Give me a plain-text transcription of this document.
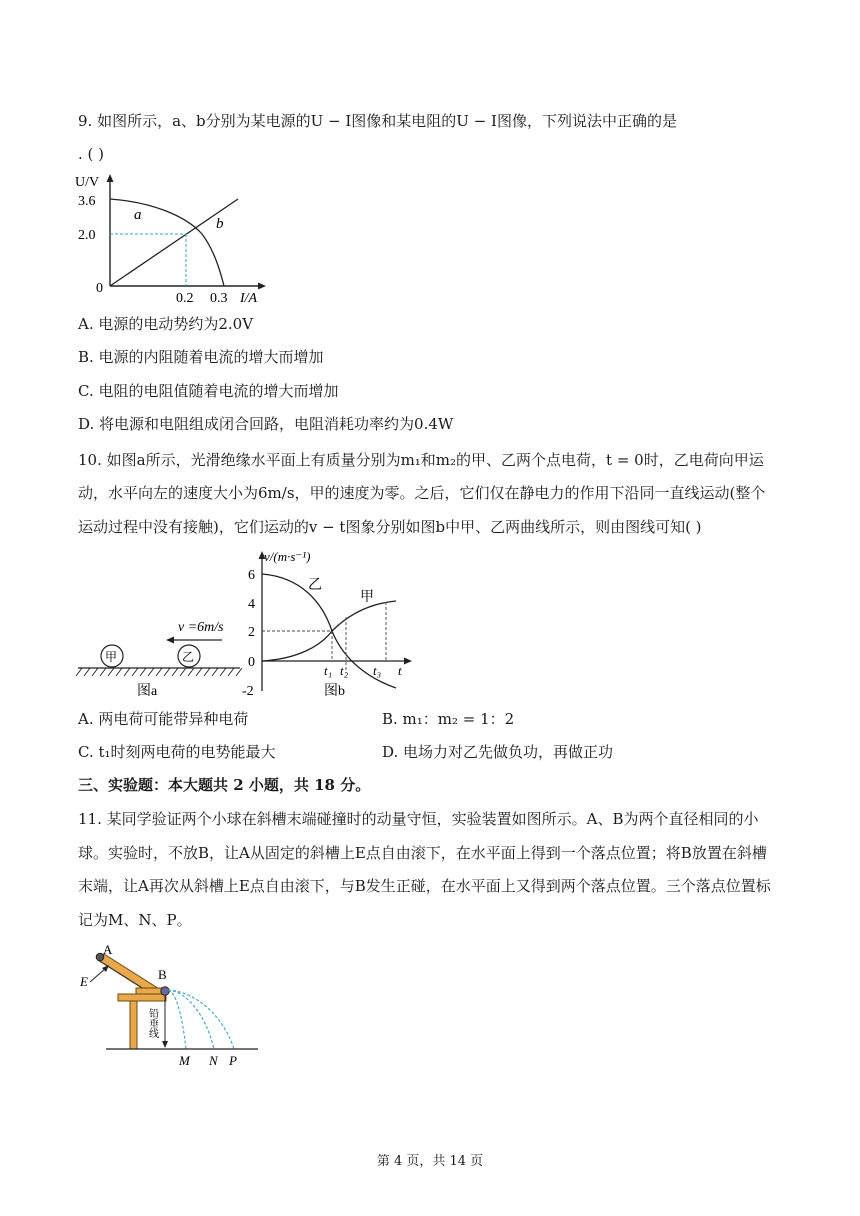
9. 如图所示，a、b分别为某电源的U − I图像和某电阻的U − I图像，下列说法中正确的是
. ( )
U/V
3.6
2.0
0
0.2 0.3 I/A
a
b
A. 电源的电动势约为2.0V
B. 电源的内阻随着电流的增大而增加
C. 电阻的电阻值随着电流的增大而增加
D. 将电源和电阻组成闭合回路，电阻消耗功率约为0.4W
10. 如图a所示，光滑绝缘水平面上有质量分别为m₁和m₂的甲、乙两个点电荷，t = 0时，乙电荷向甲运
动，水平向左的速度大小为6m/s，甲的速度为零。之后，它们仅在静电力的作用下沿同一直线运动(整个
运动过程中没有接触)，它们运动的v − t图象分别如图b中甲、乙两曲线所示，则由图线可知( )
v =6m/s
甲	乙
图a
v/(m·s⁻¹)
6
4
2
0
-2
t₁ t₂ t₃ t
乙
甲
图b
A. 两电荷可能带异种电荷	B. m₁：m₂ = 1：2
C. t₁时刻两电荷的电势能最大	D. 电场力对乙先做负功，再做正功
三、实验题：本大题共 2 小题，共 18 分。
11. 某同学验证两个小球在斜槽末端碰撞时的动量守恒，实验装置如图所示。A、B为两个直径相同的小
球。实验时，不放B，让A从固定的斜槽上E点自由滚下，在水平面上得到一个落点位置；将B放置在斜槽
末端，让A再次从斜槽上E点自由滚下，与B发生正碰，在水平面上又得到两个落点位置。三个落点位置标
记为M、N、P。
A
E	B
铅垂线
M N P
第 4 页，共 14 页
